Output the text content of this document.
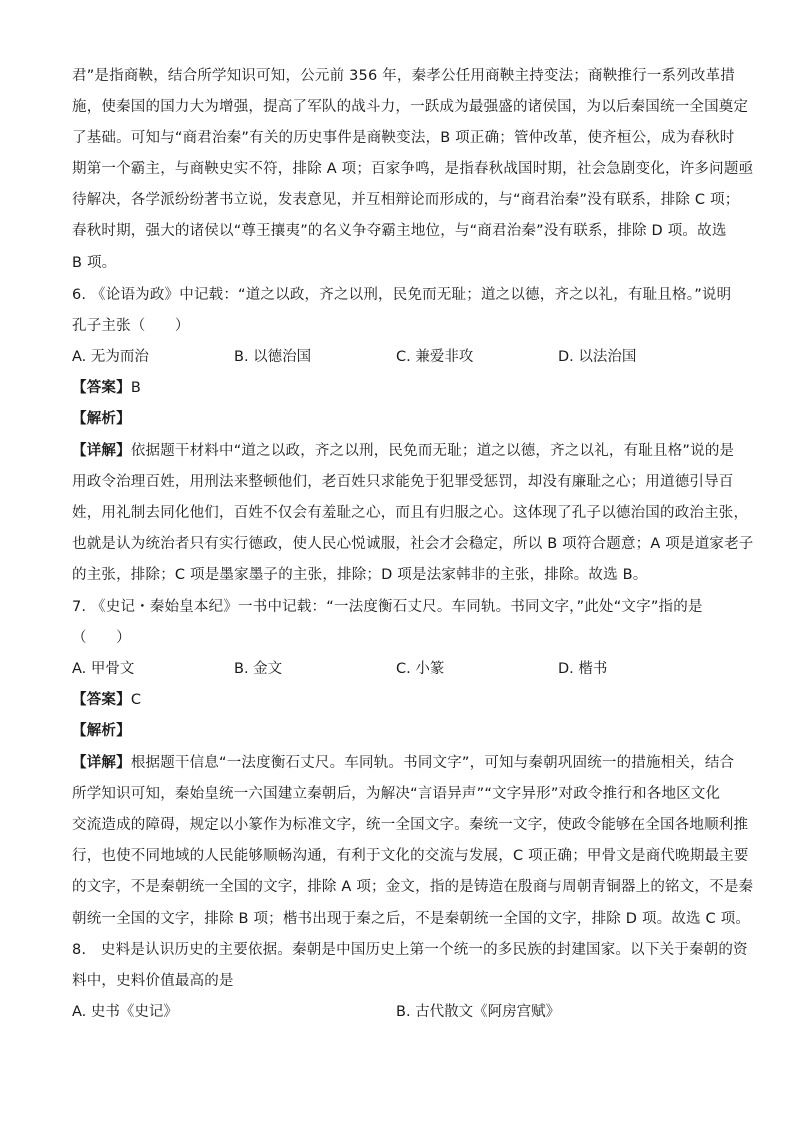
君”是指商鞅，结合所学知识可知，公元前 356 年，秦孝公任用商鞅主持变法；商鞅推行一系列改革措
施，使秦国的国力大为增强，提高了军队的战斗力，一跃成为最强盛的诸侯国，为以后秦国统一全国奠定
了基础。可知与“商君治秦”有关的历史事件是商鞅变法，B 项正确；管仲改革，使齐桓公，成为春秋时
期第一个霸主，与商鞅史实不符，排除 A 项；百家争鸣，是指春秋战国时期，社会急剧变化，许多问题亟
待解决，各学派纷纷著书立说，发表意见，并互相辩论而形成的，与“商君治秦”没有联系，排除 C 项；
春秋时期，强大的诸侯以“尊王攘夷”的名义争夺霸主地位，与“商君治秦”没有联系，排除 D 项。故选
B 项。
6. 《论语为政》中记载：“道之以政，齐之以刑，民免而无耻；道之以德，齐之以礼，有耻且格。”说明
孔子主张（　　）
A. 无为而治	B. 以德治国	C. 兼爱非攻	D. 以法治国
【答案】B
【解析】
【详解】依据题干材料中“道之以政，齐之以刑，民免而无耻；道之以德，齐之以礼，有耻且格”说的是
用政令治理百姓，用刑法来整顿他们，老百姓只求能免于犯罪受惩罚，却没有廉耻之心；用道德引导百
姓，用礼制去同化他们，百姓不仅会有羞耻之心，而且有归服之心。这体现了孔子以德治国的政治主张，
也就是认为统治者只有实行德政，使人民心悦诚服，社会才会稳定，所以 B 项符合题意；A 项是道家老子
的主张，排除；C 项是墨家墨子的主张，排除；D 项是法家韩非的主张，排除。故选 B。
7. 《史记・秦始皇本纪》一书中记载：“一法度衡石丈尺。车同轨。书同文字，”此处“文字”指的是
（　　）
A. 甲骨文	B. 金文	C. 小篆	D. 楷书
【答案】C
【解析】
【详解】根据题干信息“一法度衡石丈尺。车同轨。书同文字”，可知与秦朝巩固统一的措施相关，结合
所学知识可知，秦始皇统一六国建立秦朝后，为解决“言语异声”“文字异形”对政令推行和各地区文化
交流造成的障碍，规定以小篆作为标准文字，统一全国文字。秦统一文字，使政令能够在全国各地顺利推
行，也使不同地域的人民能够顺畅沟通，有利于文化的交流与发展，C 项正确；甲骨文是商代晚期最主要
的文字，不是秦朝统一全国的文字，排除 A 项；金文，指的是铸造在殷商与周朝青铜器上的铭文，不是秦
朝统一全国的文字，排除 B 项；楷书出现于秦之后，不是秦朝统一全国的文字，排除 D 项。故选 C 项。
8.　史料是认识历史的主要依据。秦朝是中国历史上第一个统一的多民族的封建国家。以下关于秦朝的资
料中，史料价值最高的是
A. 史书《史记》	B. 古代散文《阿房宫赋》
